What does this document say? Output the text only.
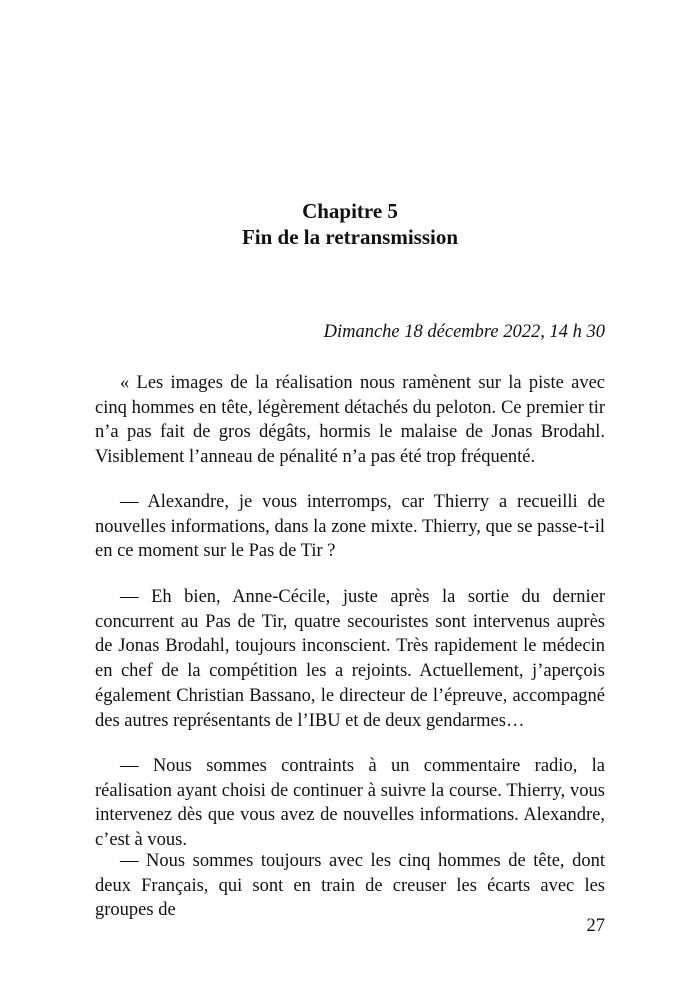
Chapitre 5
Fin de la retransmission
Dimanche 18 décembre 2022, 14 h 30

« Les images de la réalisation nous ramènent sur la piste avec cinq hommes en tête, légèrement détachés du peloton. Ce premier tir n’a pas fait de gros dégâts, hormis le malaise de Jonas Brodahl. Visiblement l’anneau de pénalité n’a pas été trop fréquenté.

— Alexandre, je vous interromps, car Thierry a recueilli de nouvelles informations, dans la zone mixte. Thierry, que se passe-t-il en ce moment sur le Pas de Tir ?

— Eh bien, Anne-Cécile, juste après la sortie du dernier concurrent au Pas de Tir, quatre secouristes sont intervenus auprès de Jonas Brodahl, toujours inconscient. Très rapidement le médecin en chef de la compétition les a rejoints. Actuellement, j’aperçois également Christian Bassano, le directeur de l’épreuve, accompagné des autres représentants de l’IBU et de deux gendarmes…

— Nous sommes contraints à un commentaire radio, la réalisation ayant choisi de continuer à suivre la course. Thierry, vous intervenez dès que vous avez de nouvelles informations. Alexandre, c’est à vous.

— Nous sommes toujours avec les cinq hommes de tête, dont deux Français, qui sont en train de creuser les écarts avec les groupes de

27
